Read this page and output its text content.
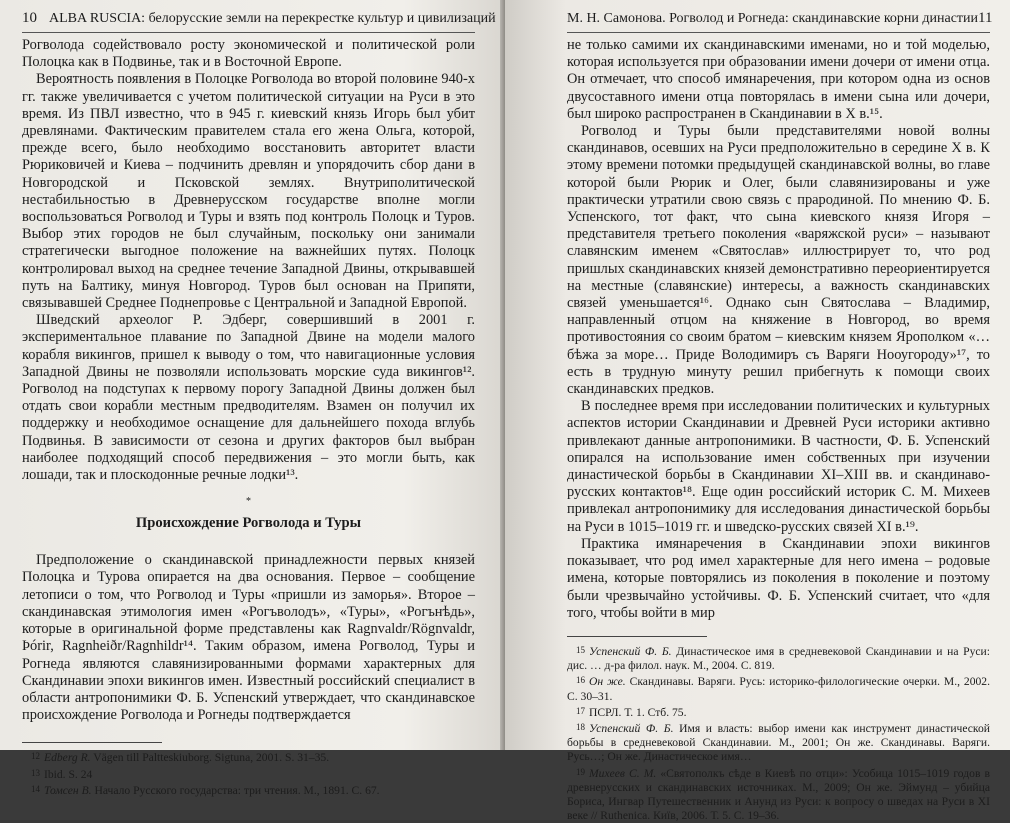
10 ALBA RUSCIA: белорусские земли на перекрестке культур и цивилизаций

Рогволода содействовало росту экономической и политической роли Полоцка как в Подвинье, так и в Восточной Европе.

Вероятность появления в Полоцке Рогволода во второй половине 940-х гг. также увеличивается с учетом политической ситуации на Руси в это время. Из ПВЛ известно, что в 945 г. киевский князь Игорь был убит древлянами. Фактическим правителем стала его жена Ольга, которой, прежде всего, было необходимо восстановить авторитет власти Рюриковичей и Киева – подчинить древлян и упорядочить сбор дани в Новгородской и Псковской землях. Внутриполитической нестабильностью в Древнерусском государстве вполне могли воспользоваться Рогволод и Туры и взять под контроль Полоцк и Туров. Выбор этих городов не был случайным, поскольку они занимали стратегически выгодное положение на важнейших путях. Полоцк контролировал выход на среднее течение Западной Двины, открывавшей путь на Балтику, минуя Новгород. Туров был основан на Припяти, связывавшей Среднее Поднепровье с Центральной и Западной Европой.

Шведский археолог Р. Эдберг, совершивший в 2001 г. экспериментальное плавание по Западной Двине на модели малого корабля викингов, пришел к выводу о том, что навигационные условия Западной Двины не позволяли использовать морские суда викингов¹². Рогволод на подступах к первому порогу Западной Двины должен был отдать свои корабли местным предводителям. Взамен он получил их поддержку и необходимое оснащение для дальнейшего похода вглубь Подвинья. В зависимости от сезона и других факторов был выбран наиболее подходящий способ передвижения – это могли быть, как лошади, так и плоскодонные речные лодки¹³.

*
Происхождение Рогволода и Туры

Предположение о скандинавской принадлежности первых князей Полоцка и Турова опирается на два основания. Первое – сообщение летописи о том, что Рогволод и Туры «пришли из заморья». Второе – скандинавская этимология имен «Рогъволодъ», «Туры», «Рогънѣдь», которые в оригинальной форме представлены как Ragnvaldr/Rögnvaldr, Þórir, Ragnheiðr/Ragnhildr¹⁴. Таким образом, имена Рогволод, Туры и Рогнеда являются славянизированными формами характерных для Скандинавии эпохи викингов имен. Известный российский специалист в области антропонимики Ф. Б. Успенский утверждает, что скандинавское происхождение Рогволода и Рогнеды подтверждается

12 Edberg R. Vägen till Paltteskiuborg. Sigtuna, 2001. S. 31–35.

13 Ibid. S. 24

14 Томсен В. Начало Русского государства: три чтения. М., 1891. С. 67.

М. Н. Самонова. Рогволод и Рогнеда: скандинавские корни династии 11

не только самими их скандинавскими именами, но и той моделью, которая используется при образовании имени дочери от имени отца. Он отмечает, что способ имянаречения, при котором одна из основ двусоставного имени отца повторялась в имени сына или дочери, был широко распространен в Скандинавии в X в.¹⁵.

Рогволод и Туры были представителями новой волны скандинавов, осевших на Руси предположительно в середине X в. К этому времени потомки предыдущей скандинавской волны, во главе которой были Рюрик и Олег, были славянизированы и уже практически утратили свою связь с прародиной. По мнению Ф. Б. Успенского, тот факт, что сына киевского князя Игоря – представителя третьего поколения «варяжской руси» – называют славянским именем «Святослав» иллюстрирует то, что род пришлых скандинавских князей демонстративно переориентируется на местные (славянские) интересы, а важность скандинавских связей уменьшается¹⁶. Однако сын Святослава – Владимир, направленный отцом на княжение в Новгород, во время противостояния со своим братом – киевским князем Ярополком «…бѣжа за море… Приде Володимиръ съ Варяги Нооугороду»¹⁷, то есть в трудную минуту решил прибегнуть к помощи своих скандинавских предков.

В последнее время при исследовании политических и культурных аспектов истории Скандинавии и Древней Руси историки активно привлекают данные антропонимики. В частности, Ф. Б. Успенский опирался на использование имен собственных при изучении династической борьбы в Скандинавии XI–XIII вв. и скандинаво-русских контактов¹⁸. Еще один российский историк С. М. Михеев привлекал антропонимику для исследования династической борьбы на Руси в 1015–1019 гг. и шведско-русских связей XI в.¹⁹.

Практика имянаречения в Скандинавии эпохи викингов показывает, что род имел характерные для него имена – родовые имена, которые повторялись из поколения в поколение и поэтому были чрезвычайно устойчивы. Ф. Б. Успенский считает, что «для того, чтобы войти в мир

15 Успенский Ф. Б. Династическое имя в средневековой Скандинавии и на Руси: дис. … д-ра филол. наук. М., 2004. С. 819.

16 Он же. Скандинавы. Варяги. Русь: историко-филологические очерки. М., 2002. С. 30–31.

17 ПСРЛ. Т. 1. Стб. 75.

18 Успенский Ф. Б. Имя и власть: выбор имени как инструмент династической борьбы в средневековой Скандинавии. М., 2001; Он же. Скандинавы. Варяги. Русь…; Он же. Династическое имя…

19 Михеев С. М. «Святополкъ сѣде в Киевѣ по отци»: Усобица 1015–1019 годов в древнерусских и скандинавских источниках. М., 2009; Он же. Эймунд – убийца Бориса, Ингвар Путешественник и Анунд из Руси: к вопросу о шведах на Руси в XI веке // Ruthenica. Київ, 2006. Т. 5. С. 19–36.
